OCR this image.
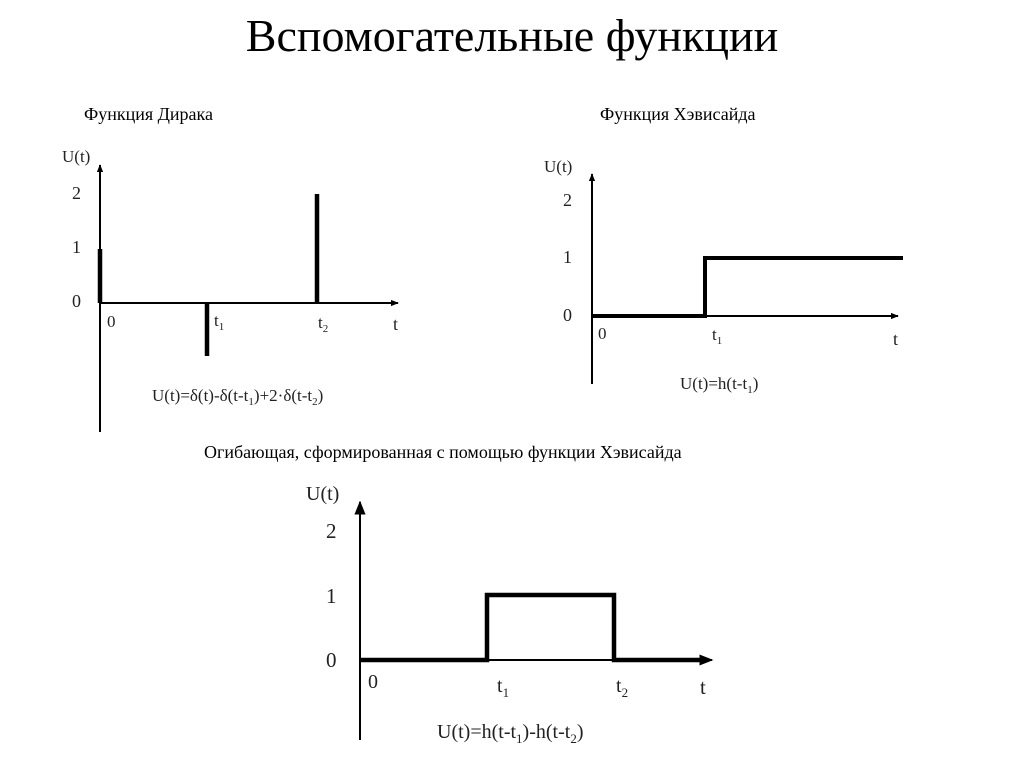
Вспомогательные функции
Функция Дирака	Функция Хэвисайда
Огибающая, сформированная с помощью функции Хэвисайда
U(t)
2
1
0
0	$t_1$	$t_2$	t
$U(t)=\delta(t)-\delta(t-t_1)+2\cdot\delta(t-t_2)$
U(t)
2
1
0
0	$t_1$	t
$U(t)=h(t-t_1)$
U(t)
2
1
0
0	$t_1$	$t_2$	t
$U(t)=h(t-t_1)-h(t-t_2)$
